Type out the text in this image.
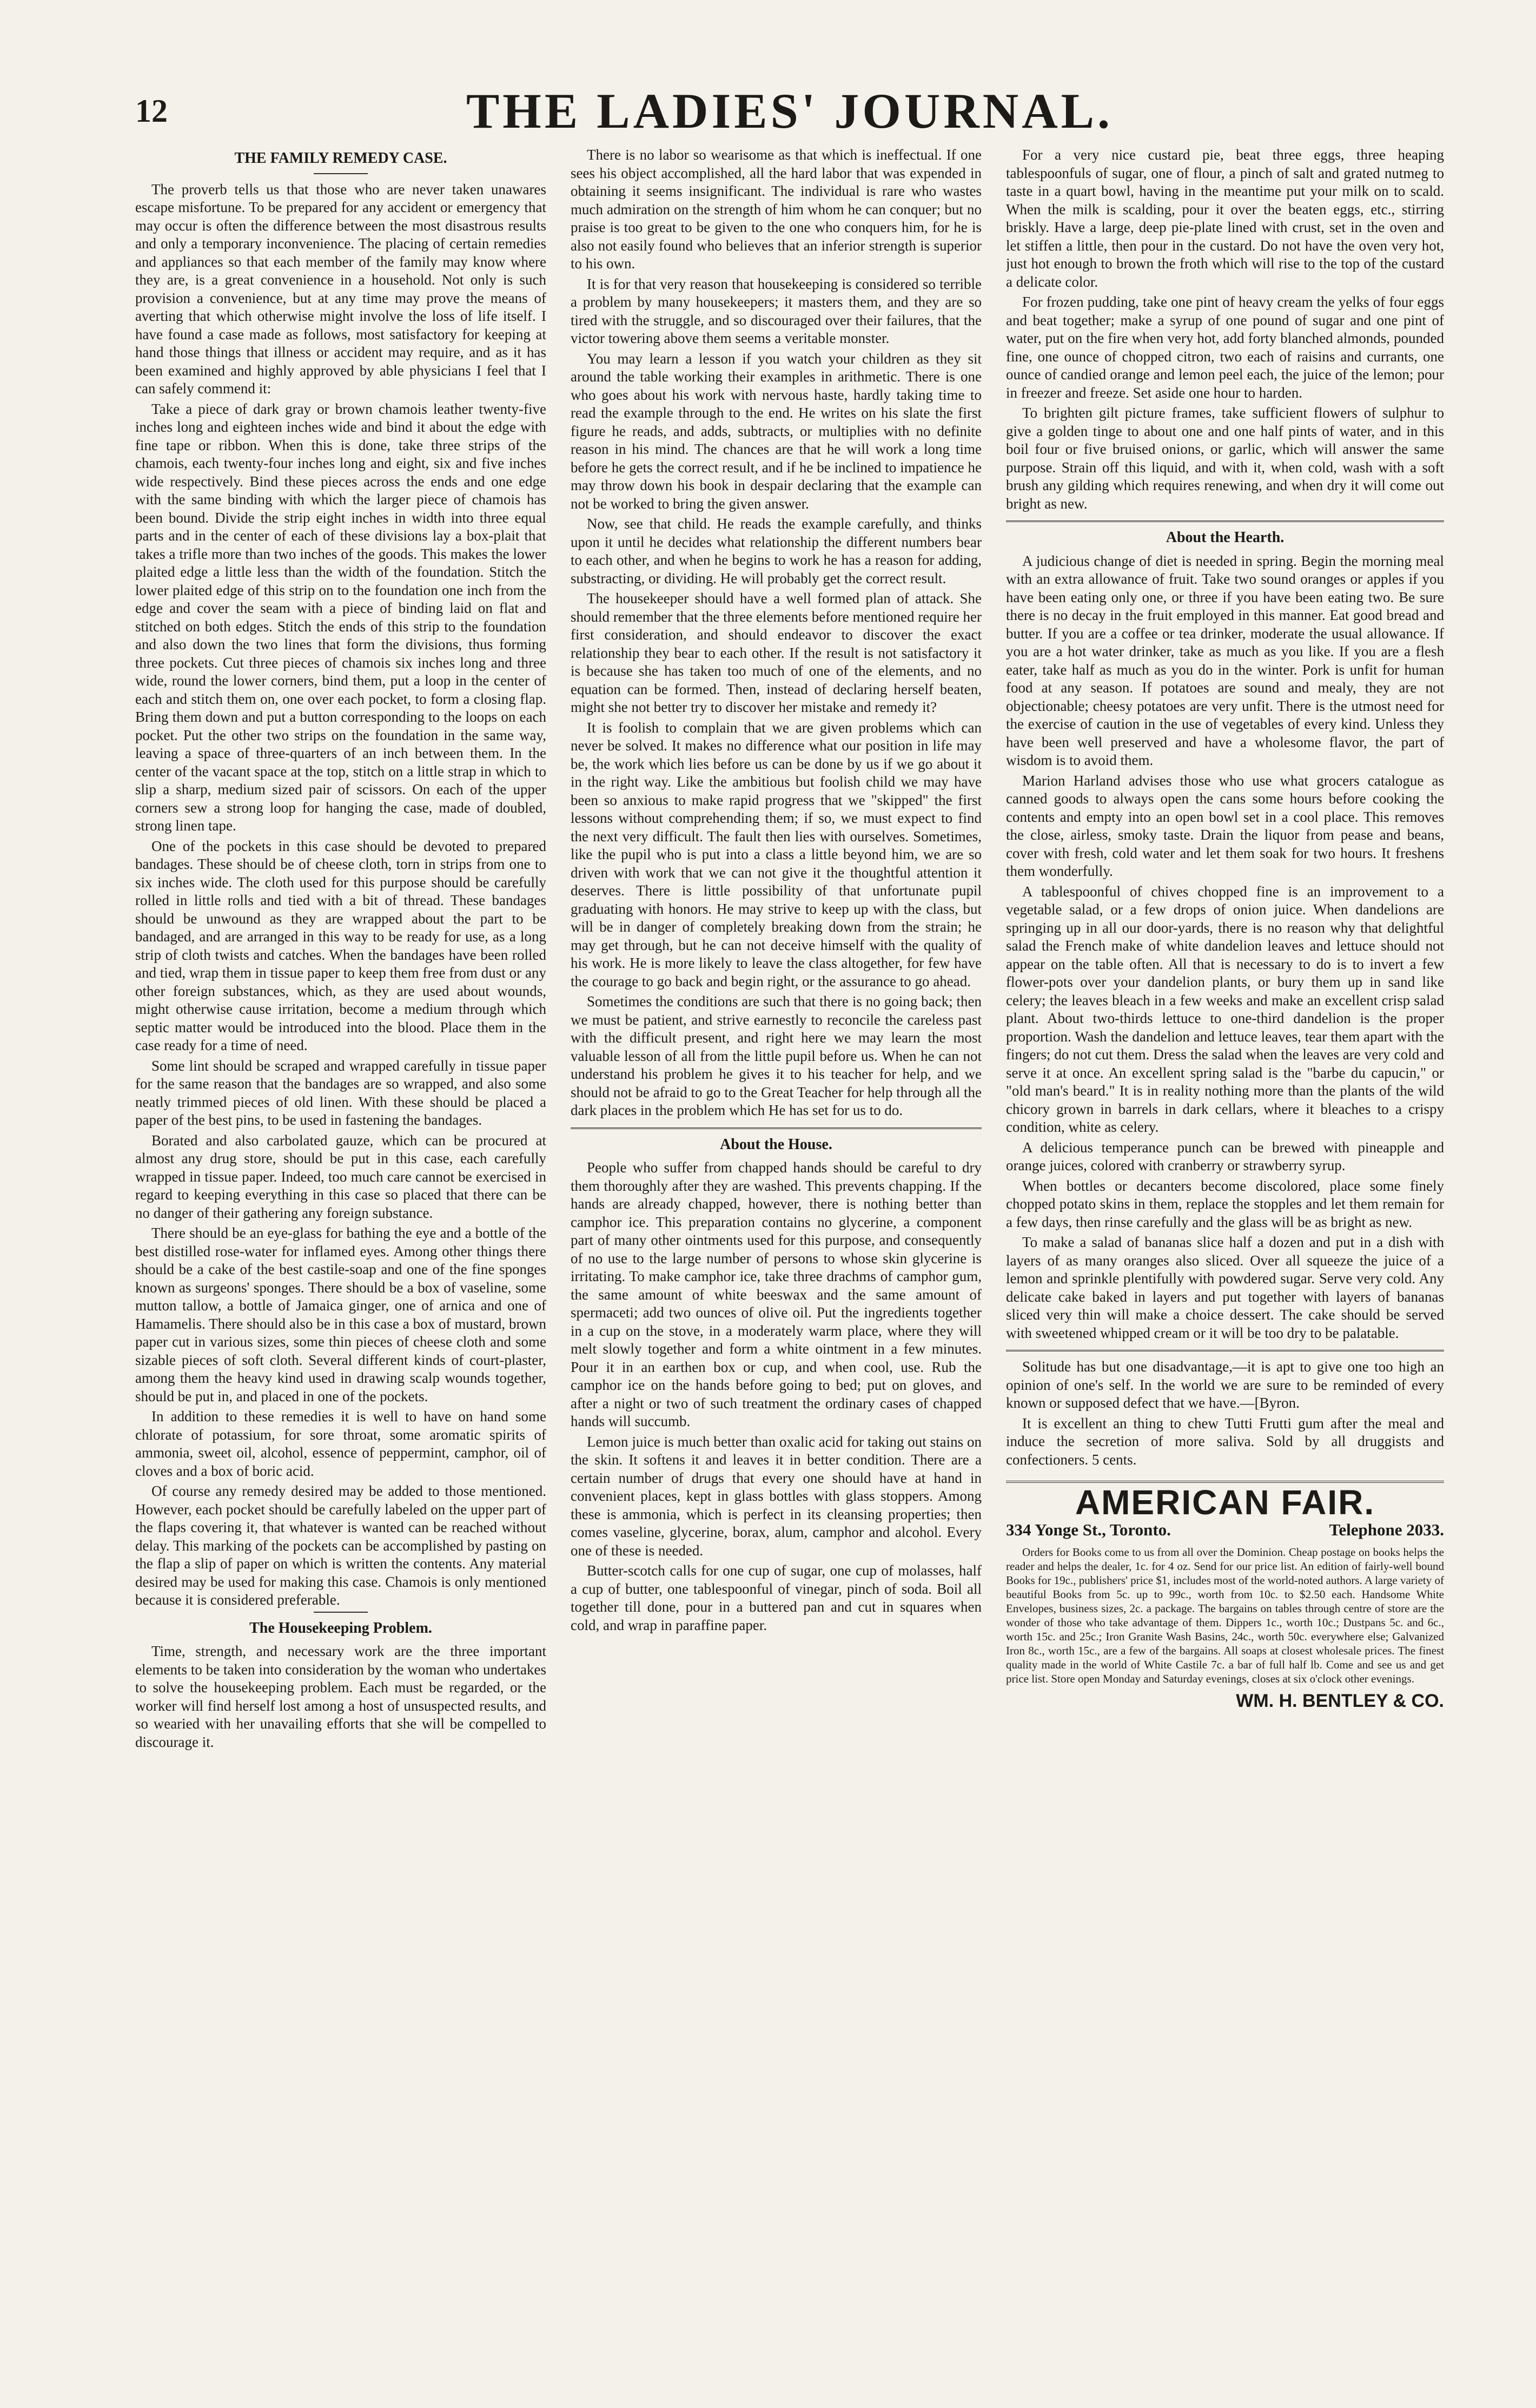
12	THE LADIES' JOURNAL.
THE FAMILY REMEDY CASE.

The proverb tells us that those who are never taken unawares escape misfortune. To be prepared for any accident or emergency that may occur is often the difference between the most disastrous results and only a temporary inconvenience. The placing of certain remedies and appliances so that each member of the family may know where they are, is a great convenience in a household. Not only is such provision a convenience, but at any time may prove the means of averting that which otherwise might involve the loss of life itself. I have found a case made as follows, most satisfactory for keeping at hand those things that illness or accident may require, and as it has been examined and highly approved by able physicians I feel that I can safely commend it:

Take a piece of dark gray or brown chamois leather twenty-five inches long and eighteen inches wide and bind it about the edge with fine tape or ribbon. When this is done, take three strips of the chamois, each twenty-four inches long and eight, six and five inches wide respectively. Bind these pieces across the ends and one edge with the same binding with which the larger piece of chamois has been bound. Divide the strip eight inches in width into three equal parts and in the center of each of these divisions lay a box-plait that takes a trifle more than two inches of the goods. This makes the lower plaited edge a little less than the width of the foundation. Stitch the lower plaited edge of this strip on to the foundation one inch from the edge and cover the seam with a piece of binding laid on flat and stitched on both edges. Stitch the ends of this strip to the foundation and also down the two lines that form the divisions, thus forming three pockets. Cut three pieces of chamois six inches long and three wide, round the lower corners, bind them, put a loop in the center of each and stitch them on, one over each pocket, to form a closing flap. Bring them down and put a button corresponding to the loops on each pocket. Put the other two strips on the foundation in the same way, leaving a space of three-quarters of an inch between them. In the center of the vacant space at the top, stitch on a little strap in which to slip a sharp, medium sized pair of scissors. On each of the upper corners sew a strong loop for hanging the case, made of doubled, strong linen tape.

One of the pockets in this case should be devoted to prepared bandages. These should be of cheese cloth, torn in strips from one to six inches wide. The cloth used for this purpose should be carefully rolled in little rolls and tied with a bit of thread. These bandages should be unwound as they are wrapped about the part to be bandaged, and are arranged in this way to be ready for use, as a long strip of cloth twists and catches. When the bandages have been rolled and tied, wrap them in tissue paper to keep them free from dust or any other foreign substances, which, as they are used about wounds, might otherwise cause irritation, become a medium through which septic matter would be introduced into the blood. Place them in the case ready for a time of need.

Some lint should be scraped and wrapped carefully in tissue paper for the same reason that the bandages are so wrapped, and also some neatly trimmed pieces of old linen. With these should be placed a paper of the best pins, to be used in fastening the bandages.

Borated and also carbolated gauze, which can be procured at almost any drug store, should be put in this case, each carefully wrapped in tissue paper. Indeed, too much care cannot be exercised in regard to keeping everything in this case so placed that there can be no danger of their gathering any foreign substance.

There should be an eye-glass for bathing the eye and a bottle of the best distilled rose-water for inflamed eyes. Among other things there should be a cake of the best castile-soap and one of the fine sponges known as surgeons' sponges. There should be a box of vaseline, some mutton tallow, a bottle of Jamaica ginger, one of arnica and one of Hamamelis. There should also be in this case a box of mustard, brown paper cut in various sizes, some thin pieces of cheese cloth and some sizable pieces of soft cloth. Several different kinds of court-plaster, among them the heavy kind used in drawing scalp wounds together, should be put in, and placed in one of the pockets.

In addition to these remedies it is well to have on hand some chlorate of potassium, for sore throat, some aromatic spirits of ammonia, sweet oil, alcohol, essence of peppermint, camphor, oil of cloves and a box of boric acid.

Of course any remedy desired may be added to those mentioned. However, each pocket should be carefully labeled on the upper part of the flaps covering it, that whatever is wanted can be reached without delay. This marking of the pockets can be accomplished by pasting on the flap a slip of paper on which is written the contents. Any material desired may be used for making this case. Chamois is only mentioned because it is considered preferable.

The Housekeeping Problem.

Time, strength, and necessary work are the three important elements to be taken into consideration by the woman who undertakes to solve the housekeeping problem. Each must be regarded, or the worker will find herself lost among a host of unsuspected results, and so wearied with her unavailing efforts that she will be compelled to discourage it.

There is no labor so wearisome as that which is ineffectual. If one sees his object accomplished, all the hard labor that was expended in obtaining it seems insignificant. The individual is rare who wastes much admiration on the strength of him whom he can conquer; but no praise is too great to be given to the one who conquers him, for he is also not easily found who believes that an inferior strength is superior to his own.

It is for that very reason that housekeeping is considered so terrible a problem by many housekeepers; it masters them, and they are so tired with the struggle, and so discouraged over their failures, that the victor towering above them seems a veritable monster.

You may learn a lesson if you watch your children as they sit around the table working their examples in arithmetic. There is one who goes about his work with nervous haste, hardly taking time to read the example through to the end. He writes on his slate the first figure he reads, and adds, subtracts, or multiplies with no definite reason in his mind. The chances are that he will work a long time before he gets the correct result, and if he be inclined to impatience he may throw down his book in despair declaring that the example can not be worked to bring the given answer.

Now, see that child. He reads the example carefully, and thinks upon it until he decides what relationship the different numbers bear to each other, and when he begins to work he has a reason for adding, substracting, or dividing. He will probably get the correct result.

The housekeeper should have a well formed plan of attack. She should remember that the three elements before mentioned require her first consideration, and should endeavor to discover the exact relationship they bear to each other. If the result is not satisfactory it is because she has taken too much of one of the elements, and no equation can be formed. Then, instead of declaring herself beaten, might she not better try to discover her mistake and remedy it?

It is foolish to complain that we are given problems which can never be solved. It makes no difference what our position in life may be, the work which lies before us can be done by us if we go about it in the right way. Like the ambitious but foolish child we may have been so anxious to make rapid progress that we "skipped" the first lessons without comprehending them; if so, we must expect to find the next very difficult. The fault then lies with ourselves. Sometimes, like the pupil who is put into a class a little beyond him, we are so driven with work that we can not give it the thoughtful attention it deserves. There is little possibility of that unfortunate pupil graduating with honors. He may strive to keep up with the class, but will be in danger of completely breaking down from the strain; he may get through, but he can not deceive himself with the quality of his work. He is more likely to leave the class altogether, for few have the courage to go back and begin right, or the assurance to go ahead.

Sometimes the conditions are such that there is no going back; then we must be patient, and strive earnestly to reconcile the careless past with the difficult present, and right here we may learn the most valuable lesson of all from the little pupil before us. When he can not understand his problem he gives it to his teacher for help, and we should not be afraid to go to the Great Teacher for help through all the dark places in the problem which He has set for us to do.

About the House.

People who suffer from chapped hands should be careful to dry them thoroughly after they are washed. This prevents chapping. If the hands are already chapped, however, there is nothing better than camphor ice. This preparation contains no glycerine, a component part of many other ointments used for this purpose, and consequently of no use to the large number of persons to whose skin glycerine is irritating. To make camphor ice, take three drachms of camphor gum, the same amount of white beeswax and the same amount of spermaceti; add two ounces of olive oil. Put the ingredients together in a cup on the stove, in a moderately warm place, where they will melt slowly together and form a white ointment in a few minutes. Pour it in an earthen box or cup, and when cool, use. Rub the camphor ice on the hands before going to bed; put on gloves, and after a night or two of such treatment the ordinary cases of chapped hands will succumb.

Lemon juice is much better than oxalic acid for taking out stains on the skin. It softens it and leaves it in better condition. There are a certain number of drugs that every one should have at hand in convenient places, kept in glass bottles with glass stoppers. Among these is ammonia, which is perfect in its cleansing properties; then comes vaseline, glycerine, borax, alum, camphor and alcohol. Every one of these is needed.

Butter-scotch calls for one cup of sugar, one cup of molasses, half a cup of butter, one tablespoonful of vinegar, pinch of soda. Boil all together till done, pour in a buttered pan and cut in squares when cold, and wrap in paraffine paper.

For a very nice custard pie, beat three eggs, three heaping tablespoonfuls of sugar, one of flour, a pinch of salt and grated nutmeg to taste in a quart bowl, having in the meantime put your milk on to scald. When the milk is scalding, pour it over the beaten eggs, etc., stirring briskly. Have a large, deep pie-plate lined with crust, set in the oven and let stiffen a little, then pour in the custard. Do not have the oven very hot, just hot enough to brown the froth which will rise to the top of the custard a delicate color.

For frozen pudding, take one pint of heavy cream the yelks of four eggs and beat together; make a syrup of one pound of sugar and one pint of water, put on the fire when very hot, add forty blanched almonds, pounded fine, one ounce of chopped citron, two each of raisins and currants, one ounce of candied orange and lemon peel each, the juice of the lemon; pour in freezer and freeze. Set aside one hour to harden.

To brighten gilt picture frames, take sufficient flowers of sulphur to give a golden tinge to about one and one half pints of water, and in this boil four or five bruised onions, or garlic, which will answer the same purpose. Strain off this liquid, and with it, when cold, wash with a soft brush any gilding which requires renewing, and when dry it will come out bright as new.

About the Hearth.

A judicious change of diet is needed in spring. Begin the morning meal with an extra allowance of fruit. Take two sound oranges or apples if you have been eating only one, or three if you have been eating two. Be sure there is no decay in the fruit employed in this manner. Eat good bread and butter. If you are a coffee or tea drinker, moderate the usual allowance. If you are a hot water drinker, take as much as you like. If you are a flesh eater, take half as much as you do in the winter. Pork is unfit for human food at any season. If potatoes are sound and mealy, they are not objectionable; cheesy potatoes are very unfit. There is the utmost need for the exercise of caution in the use of vegetables of every kind. Unless they have been well preserved and have a wholesome flavor, the part of wisdom is to avoid them.

Marion Harland advises those who use what grocers catalogue as canned goods to always open the cans some hours before cooking the contents and empty into an open bowl set in a cool place. This removes the close, airless, smoky taste. Drain the liquor from pease and beans, cover with fresh, cold water and let them soak for two hours. It freshens them wonderfully.

A tablespoonful of chives chopped fine is an improvement to a vegetable salad, or a few drops of onion juice. When dandelions are springing up in all our door-yards, there is no reason why that delightful salad the French make of white dandelion leaves and lettuce should not appear on the table often. All that is necessary to do is to invert a few flower-pots over your dandelion plants, or bury them up in sand like celery; the leaves bleach in a few weeks and make an excellent crisp salad plant. About two-thirds lettuce to one-third dandelion is the proper proportion. Wash the dandelion and lettuce leaves, tear them apart with the fingers; do not cut them. Dress the salad when the leaves are very cold and serve it at once. An excellent spring salad is the "barbe du capucin," or "old man's beard." It is in reality nothing more than the plants of the wild chicory grown in barrels in dark cellars, where it bleaches to a crispy condition, white as celery.

A delicious temperance punch can be brewed with pineapple and orange juices, colored with cranberry or strawberry syrup.

When bottles or decanters become discolored, place some finely chopped potato skins in them, replace the stopples and let them remain for a few days, then rinse carefully and the glass will be as bright as new.

To make a salad of bananas slice half a dozen and put in a dish with layers of as many oranges also sliced. Over all squeeze the juice of a lemon and sprinkle plentifully with powdered sugar. Serve very cold. Any delicate cake baked in layers and put together with layers of bananas sliced very thin will make a choice dessert. The cake should be served with sweetened whipped cream or it will be too dry to be palatable.

Solitude has but one disadvantage,—it is apt to give one too high an opinion of one's self. In the world we are sure to be reminded of every known or supposed defect that we have.—[Byron.

It is excellent an thing to chew Tutti Frutti gum after the meal and induce the secretion of more saliva. Sold by all druggists and confectioners. 5 cents.

AMERICAN FAIR.
334 Yonge St., Toronto.	Telephone 2033.
Orders for Books come to us from all over the Dominion. Cheap postage on books helps the reader and helps the dealer, 1c. for 4 oz. Send for our price list. An edition of fairly-well bound Books for 19c., publishers' price $1, includes most of the world-noted authors. A large variety of beautiful Books from 5c. up to 99c., worth from 10c. to $2.50 each. Handsome White Envelopes, business sizes, 2c. a package. The bargains on tables through centre of store are the wonder of those who take advantage of them. Dippers 1c., worth 10c.; Dustpans 5c. and 6c., worth 15c. and 25c.; Iron Granite Wash Basins, 24c., worth 50c. everywhere else; Galvanized Iron 8c., worth 15c., are a few of the bargains. All soaps at closest wholesale prices. The finest quality made in the world of White Castile 7c. a bar of full half lb. Come and see us and get price list. Store open Monday and Saturday evenings, closes at six o'clock other evenings.
WM. H. BENTLEY & CO.
